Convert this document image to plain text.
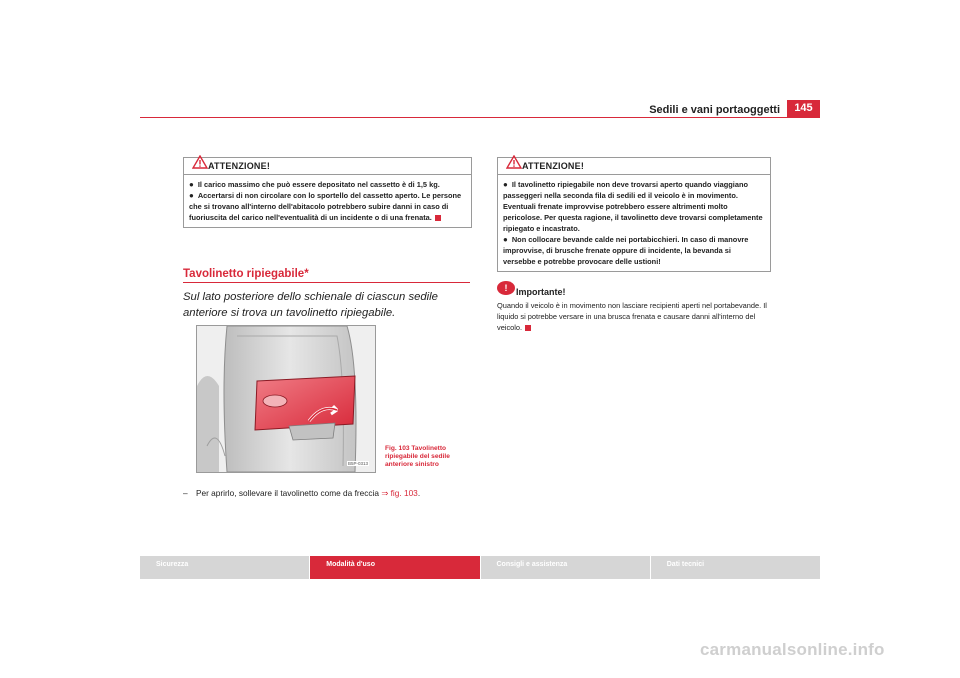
Sedili e vani portaoggetti	145
ATTENZIONE!

● Il carico massimo che può essere depositato nel cassetto è di 1,5 kg.

● Accertarsi di non circolare con lo sportello del cassetto aperto. Le persone che si trovano all'interno dell'abitacolo potrebbero subire danni in caso di fuoriuscita del carico nell'eventualità di un incidente o di una frenata.

Tavolinetto ripiegabile*
Sul lato posteriore dello schienale di ciascun sedile anteriore si trova un tavolinetto ripiegabile.
B5P-0313
Fig. 103 Tavolinetto ripiegabile del sedile anteriore sinistro
– Per aprirlo, sollevare il tavolinetto come da freccia ⇒ fig. 103.
ATTENZIONE!

● Il tavolinetto ripiegabile non deve trovarsi aperto quando viaggiano passeggeri nella seconda fila di sedili ed il veicolo è in movimento. Eventuali frenate improvvise potrebbero essere altrimenti molto pericolose. Per questa ragione, il tavolinetto deve trovarsi completamente ripiegato e incastrato.

● Non collocare bevande calde nei portabicchieri. In caso di manovre improvvise, di brusche frenate oppure di incidente, la bevanda si versebbe e potrebbe provocare delle ustioni!

! Importante!
Quando il veicolo è in movimento non lasciare recipienti aperti nel portabevande. Il liquido si potrebbe versare in una brusca frenata e causare danni all'interno del veicolo.
Sicurezza	Modalità d'uso	Consigli e assistenza	Dati tecnici
carmanualsonline.info
